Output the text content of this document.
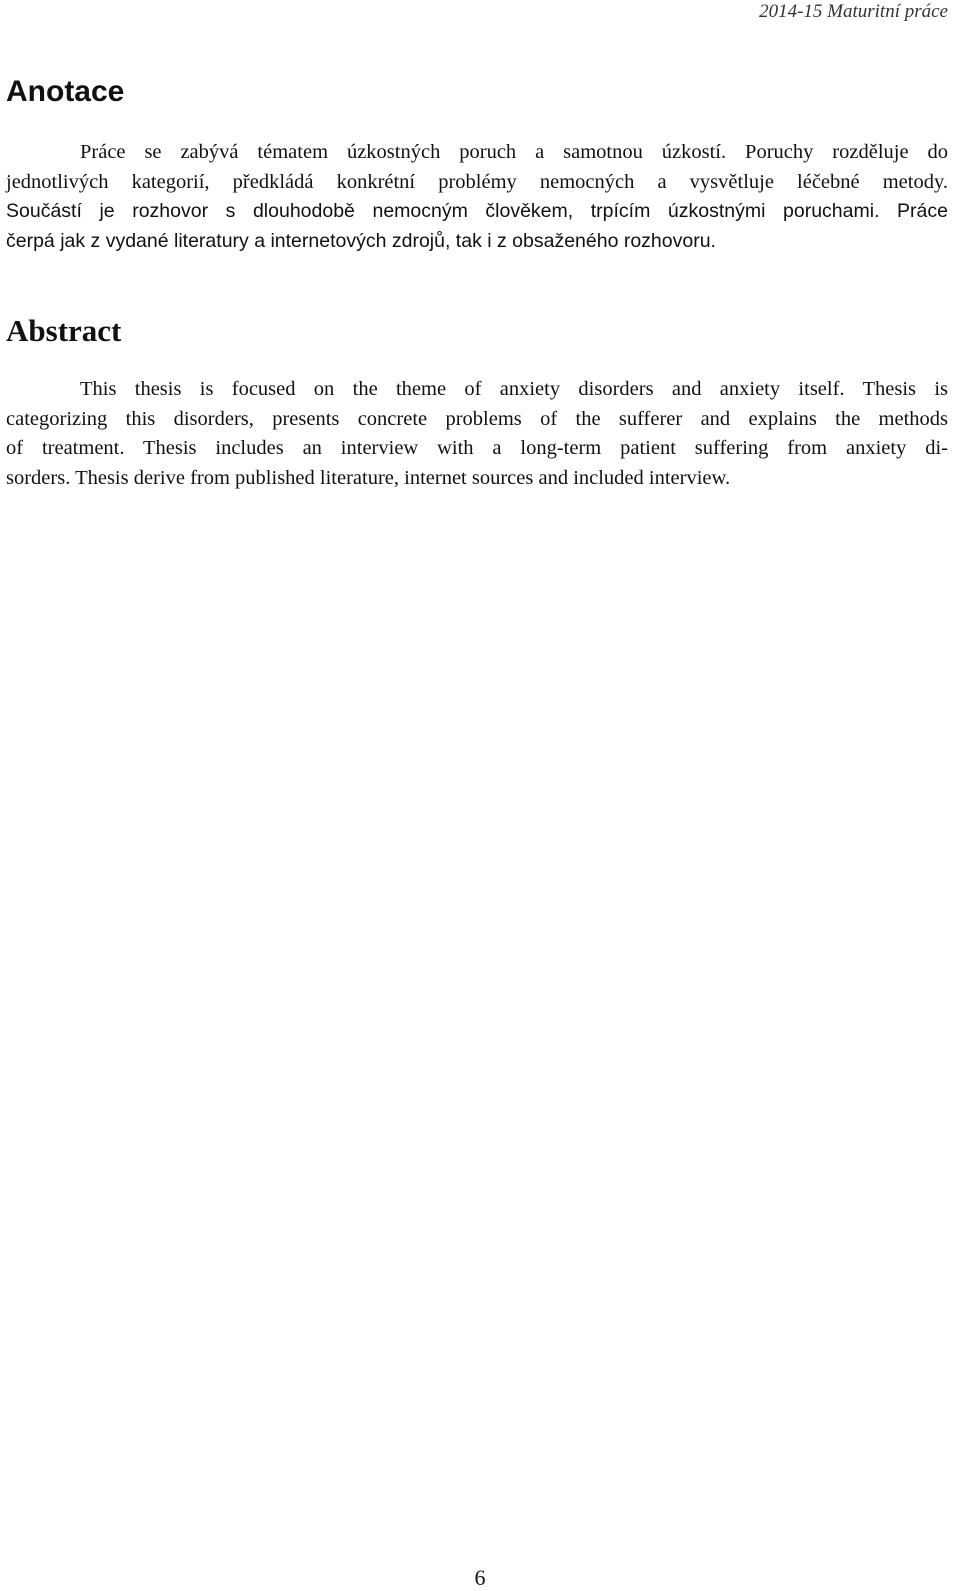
2014-15 Maturitní práce
Anotace
Práce se zabývá tématem úzkostných poruch a samotnou úzkostí. Poruchy rozděluje do
jednotlivých kategorií, předkládá konkrétní problémy nemocných a vysvětluje léčebné metody.
Součástí je rozhovor s dlouhodobě nemocným člověkem, trpícím úzkostnými poruchami. Práce
čerpá jak z vydané literatury a internetových zdrojů, tak i z obsaženého rozhovoru.
Abstract
This thesis is focused on the theme of anxiety disorders and anxiety itself. Thesis is
categorizing this disorders, presents concrete problems of the sufferer and explains the methods
of treatment. Thesis includes an interview with a long-term patient suffering from anxiety di-
sorders. Thesis derive from published literature, internet sources and included interview.
6
